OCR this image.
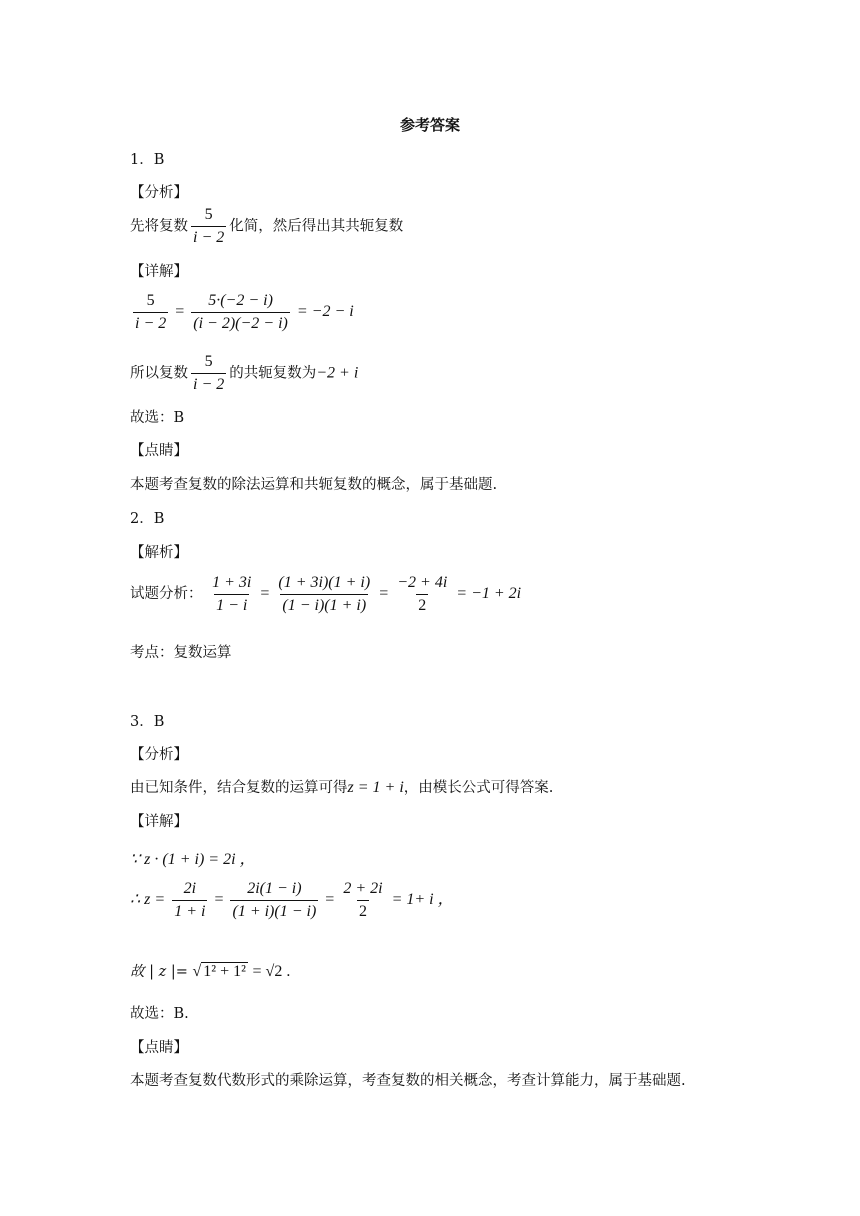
参考答案
1．B
【分析】
先将复数 $\frac{5}{i - 2}$ 化简，然后得出其共轭复数
【详解】
$\frac{5}{i - 2} = \frac{5\cdot(-2 - i)}{(i - 2)(-2 - i)} = -2 - i$
所以复数 $\frac{5}{i - 2}$ 的共轭复数为−2 + i
故选：B
【点睛】
本题考查复数的除法运算和共轭复数的概念，属于基础题.
2．B
【解析】
试题分析： $\frac{1 + 3i}{1 - i} = \frac{(1 + 3i)(1 + i)}{(1 - i)(1 + i)} = \frac{-2 + 4i}{2} = -1 + 2i$
考点：复数运算
3．B
【分析】
由已知条件，结合复数的运算可得z = 1 + i，由模长公式可得答案.
【详解】
∵ z · (1 + i) = 2i ，
∴ $z = \frac{2i}{1 + i} = \frac{2i(1 - i)}{(1 + i)(1 - i)} = \frac{2 + 2i}{2} = 1+ i$ ，
故 | z |= √ 1² + 1² = √2 .
故选：B.
【点睛】
本题考查复数代数形式的乘除运算，考查复数的相关概念，考查计算能力，属于基础题.
